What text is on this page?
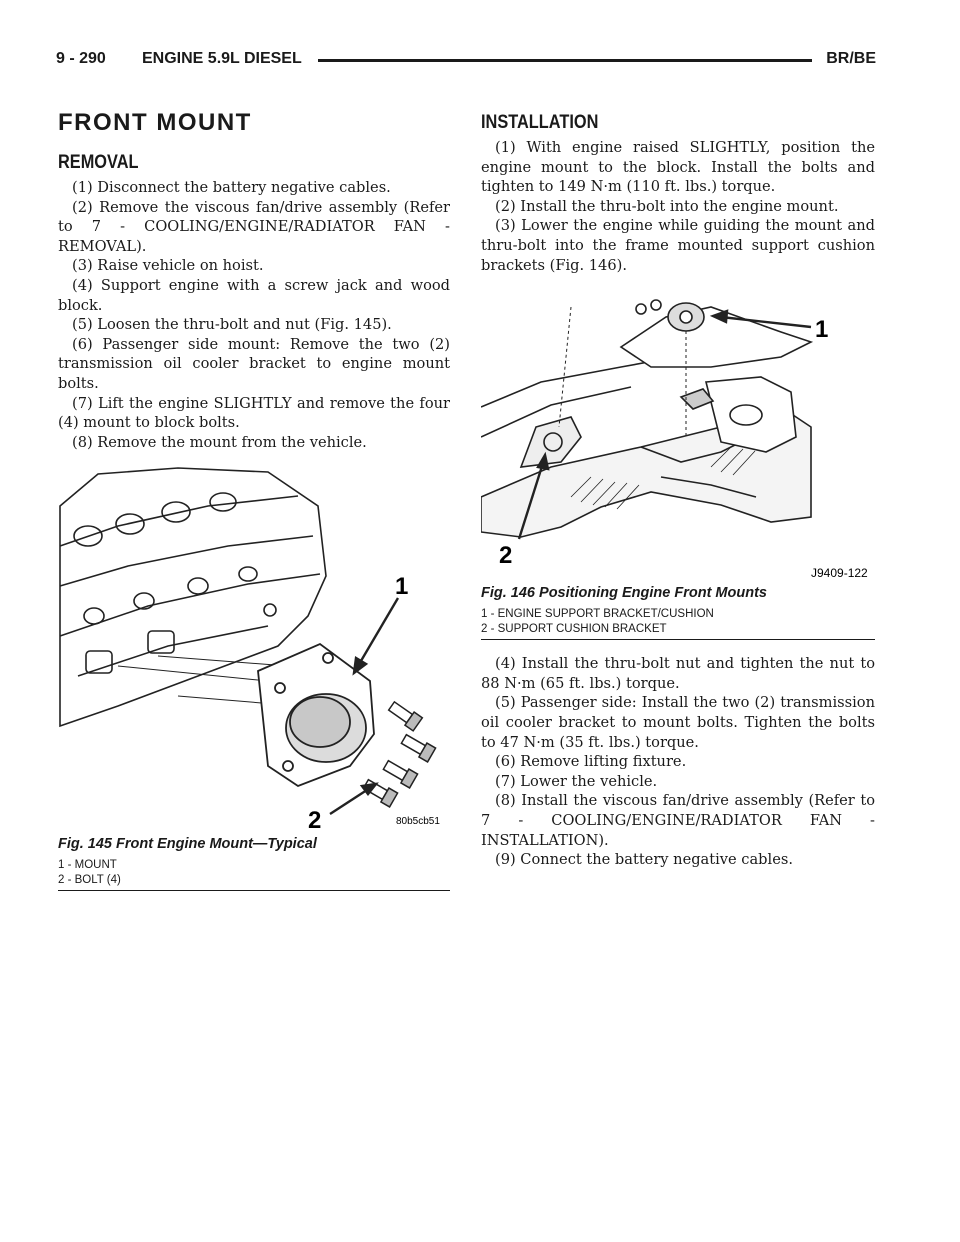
9 - 290 ENGINE 5.9L DIESEL	BR/BE
FRONT MOUNT
REMOVAL

(1) Disconnect the battery negative cables.

(2) Remove the viscous fan/drive assembly (Refer to 7 - COOLING/ENGINE/RADIATOR FAN - REMOVAL).

(3) Raise vehicle on hoist.

(4) Support engine with a screw jack and wood block.

(5) Loosen the thru-bolt and nut (Fig. 145).

(6) Passenger side mount: Remove the two (2) transmission oil cooler bracket to engine mount bolts.

(7) Lift the engine SLIGHTLY and remove the four (4) mount to block bolts.

(8) Remove the mount from the vehicle.

1
2	80b5cb51
Fig. 145 Front Engine Mount—Typical
1 - MOUNT
2 - BOLT (4)
INSTALLATION

(1) With engine raised SLIGHTLY, position the engine mount to the block. Install the bolts and tighten to 149 N·m (110 ft. lbs.) torque.

(2) Install the thru-bolt into the engine mount.

(3) Lower the engine while guiding the mount and thru-bolt into the frame mounted support cushion brackets (Fig. 146).

1
2
J9409-122
Fig. 146 Positioning Engine Front Mounts
1 - ENGINE SUPPORT BRACKET/CUSHION
2 - SUPPORT CUSHION BRACKET

(4) Install the thru-bolt nut and tighten the nut to 88 N·m (65 ft. lbs.) torque.

(5) Passenger side: Install the two (2) transmission oil cooler bracket to mount bolts. Tighten the bolts to 47 N·m (35 ft. lbs.) torque.

(6) Remove lifting fixture.

(7) Lower the vehicle.

(8) Install the viscous fan/drive assembly (Refer to 7 - COOLING/ENGINE/RADIATOR FAN - INSTALLATION).

(9) Connect the battery negative cables.
